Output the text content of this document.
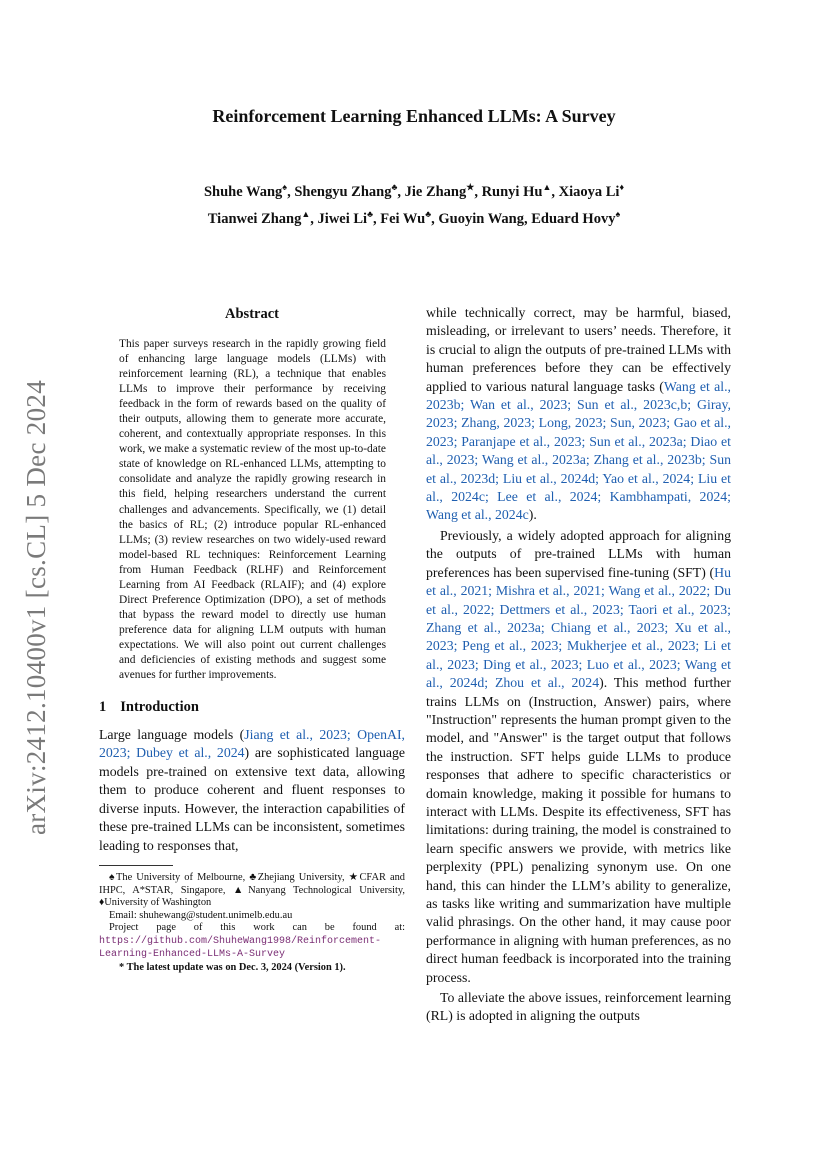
arXiv:2412.10400v1 [cs.CL] 5 Dec 2024
Reinforcement Learning Enhanced LLMs: A Survey
Shuhe Wang♠, Shengyu Zhang♣, Jie Zhang★, Runyi Hu▲, Xiaoya Li♦
Tianwei Zhang▲, Jiwei Li♣, Fei Wu♣, Guoyin Wang, Eduard Hovy♠
Abstract

This paper surveys research in the rapidly growing field of enhancing large language models (LLMs) with reinforcement learning (RL), a technique that enables LLMs to improve their performance by receiving feedback in the form of rewards based on the quality of their outputs, allowing them to generate more accurate, coherent, and contextually appropriate responses. In this work, we make a systematic review of the most up-to-date state of knowledge on RL-enhanced LLMs, attempting to consolidate and analyze the rapidly growing research in this field, helping researchers understand the current challenges and advancements. Specifically, we (1) detail the basics of RL; (2) introduce popular RL-enhanced LLMs; (3) review researches on two widely-used reward model-based RL techniques: Reinforcement Learning from Human Feedback (RLHF) and Reinforcement Learning from AI Feedback (RLAIF); and (4) explore Direct Preference Optimization (DPO), a set of methods that bypass the reward model to directly use human preference data for aligning LLM outputs with human expectations. We will also point out current challenges and deficiencies of existing methods and suggest some avenues for further improvements.

1 Introduction

Large language models (Jiang et al., 2023; OpenAI, 2023; Dubey et al., 2024) are sophisticated language models pre-trained on extensive text data, allowing them to produce coherent and fluent responses to diverse inputs. However, the interaction capabilities of these pre-trained LLMs can be inconsistent, sometimes leading to responses that,

♠The University of Melbourne, ♣Zhejiang University, ★CFAR and IHPC, A*STAR, Singapore, ▲Nanyang Technological University, ♦University of Washington

Email: shuhewang@student.unimelb.edu.au

Project page of this work can be found at: https://github.com/ShuheWang1998/Reinforcement-Learning-Enhanced-LLMs-A-Survey

* The latest update was on Dec. 3, 2024 (Version 1).

while technically correct, may be harmful, biased, misleading, or irrelevant to users’ needs. Therefore, it is crucial to align the outputs of pre-trained LLMs with human preferences before they can be effectively applied to various natural language tasks (Wang et al., 2023b; Wan et al., 2023; Sun et al., 2023c,b; Giray, 2023; Zhang, 2023; Long, 2023; Sun, 2023; Gao et al., 2023; Paranjape et al., 2023; Sun et al., 2023a; Diao et al., 2023; Wang et al., 2023a; Zhang et al., 2023b; Sun et al., 2023d; Liu et al., 2024d; Yao et al., 2024; Liu et al., 2024c; Lee et al., 2024; Kambhampati, 2024; Wang et al., 2024c).

Previously, a widely adopted approach for aligning the outputs of pre-trained LLMs with human preferences has been supervised fine-tuning (SFT) (Hu et al., 2021; Mishra et al., 2021; Wang et al., 2022; Du et al., 2022; Dettmers et al., 2023; Taori et al., 2023; Zhang et al., 2023a; Chiang et al., 2023; Xu et al., 2023; Peng et al., 2023; Mukherjee et al., 2023; Li et al., 2023; Ding et al., 2023; Luo et al., 2023; Wang et al., 2024d; Zhou et al., 2024). This method further trains LLMs on (Instruction, Answer) pairs, where "Instruction" represents the human prompt given to the model, and "Answer" is the target output that follows the instruction. SFT helps guide LLMs to produce responses that adhere to specific characteristics or domain knowledge, making it possible for humans to interact with LLMs. Despite its effectiveness, SFT has limitations: during training, the model is constrained to learn specific answers we provide, with metrics like perplexity (PPL) penalizing synonym use. On one hand, this can hinder the LLM’s ability to generalize, as tasks like writing and summarization have multiple valid phrasings. On the other hand, it may cause poor performance in aligning with human preferences, as no direct human feedback is incorporated into the training process.

To alleviate the above issues, reinforcement learning (RL) is adopted in aligning the outputs
